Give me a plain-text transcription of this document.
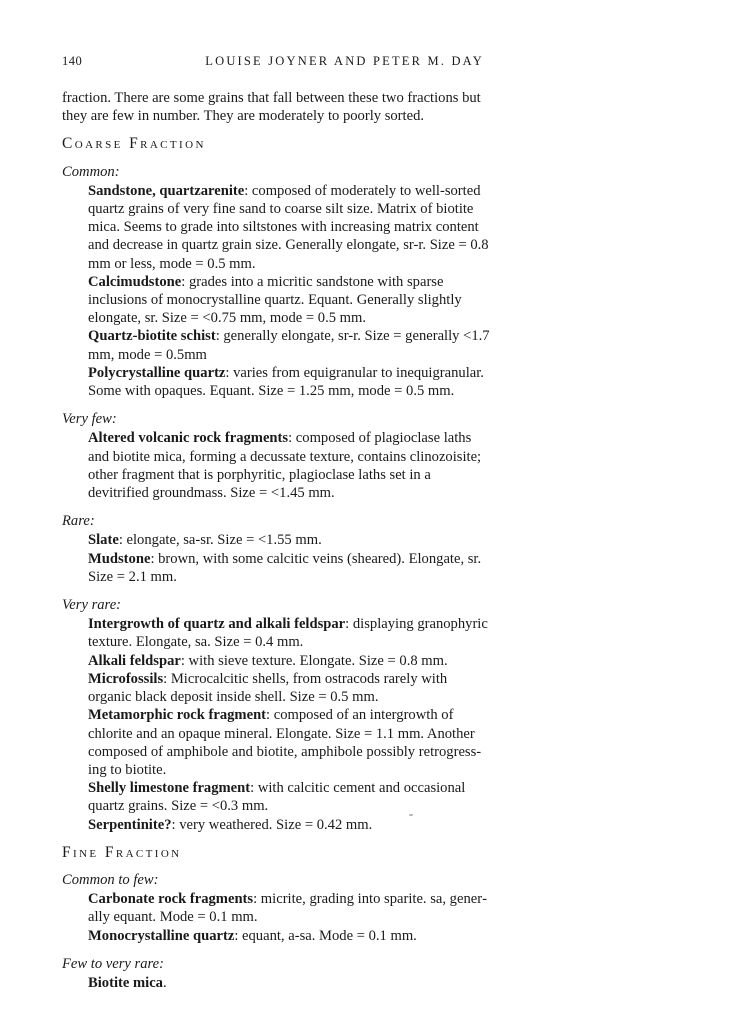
140	LOUISE JOYNER AND PETER M. DAY

fraction. There are some grains that fall between these two fractions but they are few in number. They are moderately to poorly sorted.

Coarse Fraction
Common:
Sandstone, quartzarenite: composed of moderately to well-sorted quartz grains of very fine sand to coarse silt size. Matrix of biotite mica. Seems to grade into siltstones with increasing matrix content and decrease in quartz grain size. Generally elongate, sr-r. Size = 0.8 mm or less, mode = 0.5 mm.
Calcimudstone: grades into a micritic sandstone with sparse inclusions of monocrystalline quartz. Equant. Generally slightly elongate, sr. Size = <0.75 mm, mode = 0.5 mm.
Quartz-biotite schist: generally elongate, sr-r. Size = generally <1.7 mm, mode = 0.5mm
Polycrystalline quartz: varies from equigranular to inequigranular. Some with opaques. Equant. Size = 1.25 mm, mode = 0.5 mm.
Very few:
Altered volcanic rock fragments: composed of plagioclase laths and biotite mica, forming a decussate texture, contains clinozoisite; other fragment that is porphyritic, plagioclase laths set in a devitrified groundmass. Size = <1.45 mm.
Rare:
Slate: elongate, sa-sr. Size = <1.55 mm.
Mudstone: brown, with some calcitic veins (sheared). Elongate, sr. Size = 2.1 mm.
Very rare:
Intergrowth of quartz and alkali feldspar: displaying granophyric texture. Elongate, sa. Size = 0.4 mm.
Alkali feldspar: with sieve texture. Elongate. Size = 0.8 mm.
Microfossils: Microcalcitic shells, from ostracods rarely with organic black deposit inside shell. Size = 0.5 mm.
Metamorphic rock fragment: composed of an intergrowth of chlorite and an opaque mineral. Elongate. Size = 1.1 mm. Another composed of amphibole and biotite, amphibole possibly retrogressing to biotite.
Shelly limestone fragment: with calcitic cement and occasional quartz grains. Size = <0.3 mm.
Serpentinite?: very weathered. Size = 0.42 mm.
Fine Fraction
Common to few:
Carbonate rock fragments: micrite, grading into sparite. sa, generally equant. Mode = 0.1 mm.
Monocrystalline quartz: equant, a-sa. Mode = 0.1 mm.
Few to very rare:
Biotite mica.
